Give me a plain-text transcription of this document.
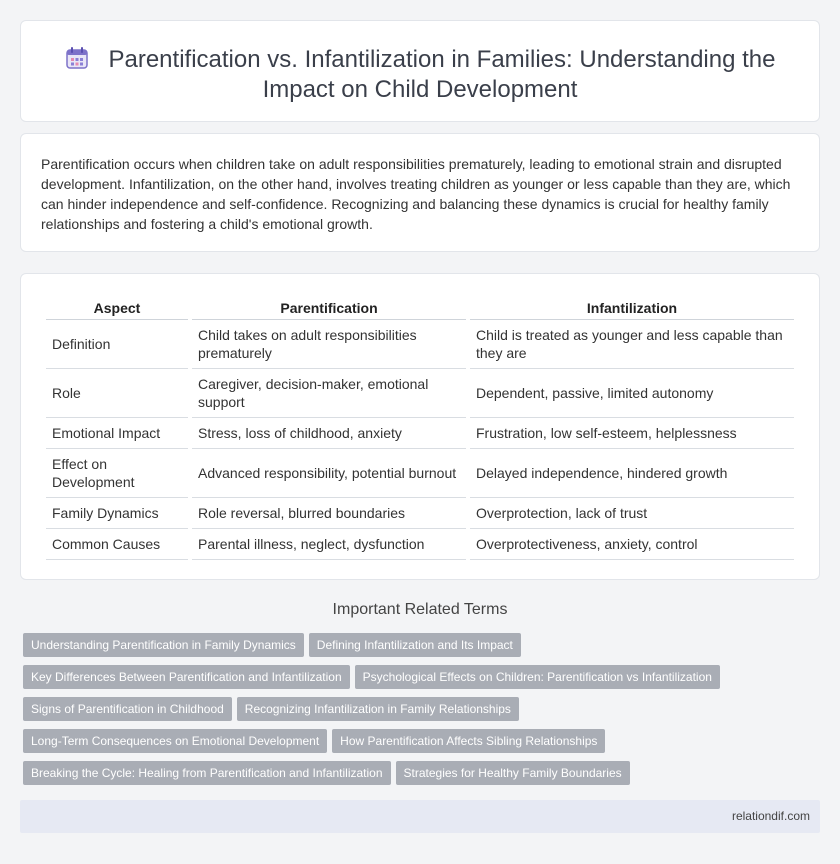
Parentification vs. Infantilization in Families: Understanding the Impact on Child Development

Parentification occurs when children take on adult responsibilities prematurely, leading to emotional strain and disrupted development. Infantilization, on the other hand, involves treating children as younger or less capable than they are, which can hinder independence and self-confidence. Recognizing and balancing these dynamics is crucial for healthy family relationships and fostering a child's emotional growth.

Aspect	Parentification	Infantilization
Definition	Child takes on adult responsibilities prematurely	Child is treated as younger and less capable than they are
Role	Caregiver, decision-maker, emotional support	Dependent, passive, limited autonomy
Emotional Impact	Stress, loss of childhood, anxiety	Frustration, low self-esteem, helplessness
Effect on Development	Advanced responsibility, potential burnout	Delayed independence, hindered growth
Family Dynamics	Role reversal, blurred boundaries	Overprotection, lack of trust
Common Causes	Parental illness, neglect, dysfunction	Overprotectiveness, anxiety, control
Important Related Terms
Understanding Parentification in Family Dynamics Defining Infantilization and Its Impact
Key Differences Between Parentification and Infantilization Psychological Effects on Children: Parentification vs Infantilization
Signs of Parentification in Childhood Recognizing Infantilization in Family Relationships
Long-Term Consequences on Emotional Development How Parentification Affects Sibling Relationships
Breaking the Cycle: Healing from Parentification and Infantilization Strategies for Healthy Family Boundaries
relationdif.com
